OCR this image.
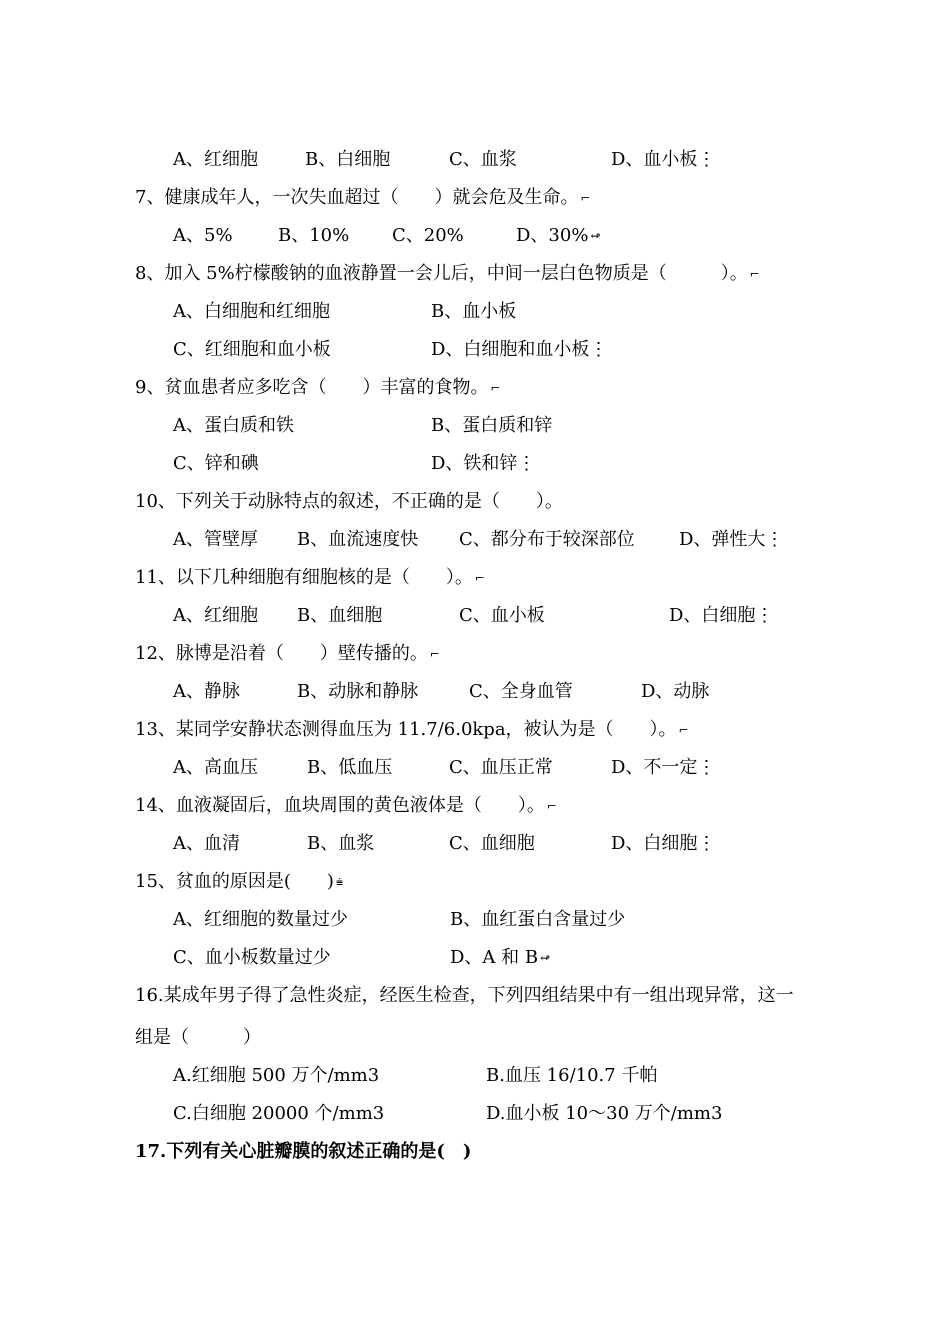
A、红细胞	B、白细胞	C、血浆	D、血小板⋮
7、健康成年人，一次失血超过（　　）就会危及生命。 ⌐
A、5%	B、10% C、20%	D、30% ↫
8、加入 5%柠檬酸钠的血液静置一会儿后，中间一层白色物质是（　　　）。 ⌐
A、白细胞和红细胞	B、血小板
C、红细胞和血小板	D、白细胞和血小板⋮
9、贫血患者应多吃含（　　）丰富的食物。 ⌐
A、蛋白质和铁	B、蛋白质和锌
C、锌和碘	D、铁和锌⋮
10、下列关于动脉特点的叙述，不正确的是（　　）。
A、管壁厚 B、血流速度快 C、都分布于较深部位 D、弹性大⋮
11、以下几种细胞有细胞核的是（　　）。 ⌐
A、红细胞 B、血细胞	C、血小板	D、白细胞⋮
12、脉博是沿着（　　）壁传播的。 ⌐
A、静脉	B、动脉和静脉	C、全身血管	D、动脉
13、某同学安静状态测得血压为 11.7/6.0kpa，被认为是（　　）。 ⌐
A、高血压	B、低血压	C、血压正常	D、不一定⋮
14、血液凝固后，血块周围的黄色液体是（　　）。 ⌐
A、血清	B、血浆	C、血细胞	D、白细胞⋮
15、贫血的原因是(　　) ⩧
A、红细胞的数量过少	B、血红蛋白含量过少
C、血小板数量过少	D、A 和 B ↫
16.某成年男子得了急性炎症，经医生检查，下列四组结果中有一组出现异常，这一
组是（　　　）
A.红细胞 500 万个/mm3	B.血压 16/10.7 千帕
C.白细胞 20000 个/mm3	D.血小板 10～30 万个/mm3
17.下列有关心脏瓣膜的叙述正确的是(　)
